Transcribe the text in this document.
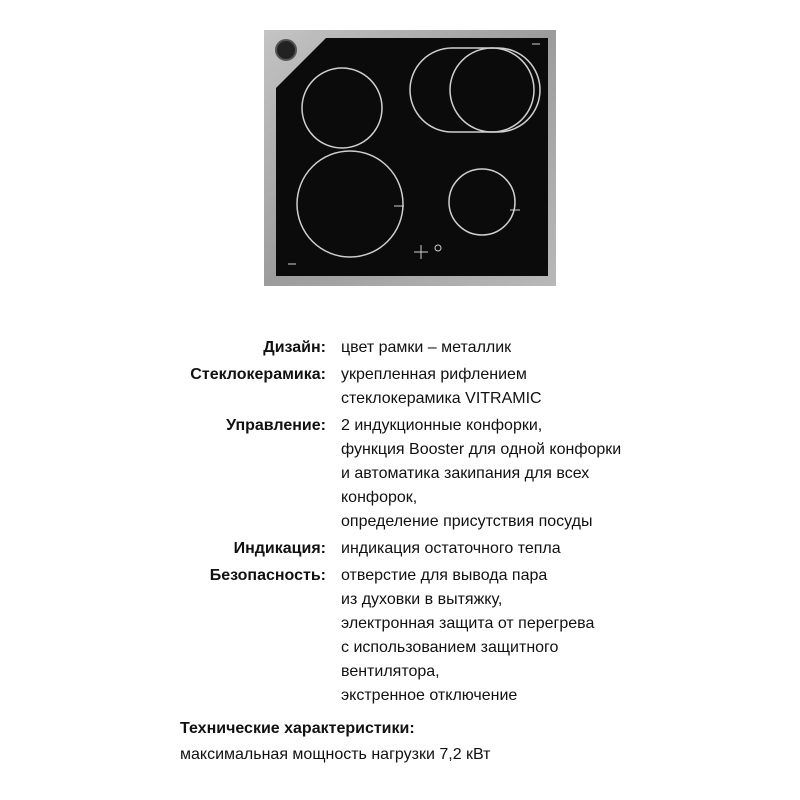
Дизайн: цвет рамки – металлик
Стеклокерамика: укрепленная рифлением
стеклокерамика VITRAMIC
Управление: 2 индукционные конфорки,
функция Booster для одной конфорки
и автоматика закипания для всех
конфорок,
определение присутствия посуды
Индикация: индикация остаточного тепла
Безопасность: отверстие для вывода пара
из духовки в вытяжку,
электронная защита от перегрева
с использованием защитного
вентилятора,
экстренное отключение
Технические характеристики:
максимальная мощность нагрузки 7,2 кВт
